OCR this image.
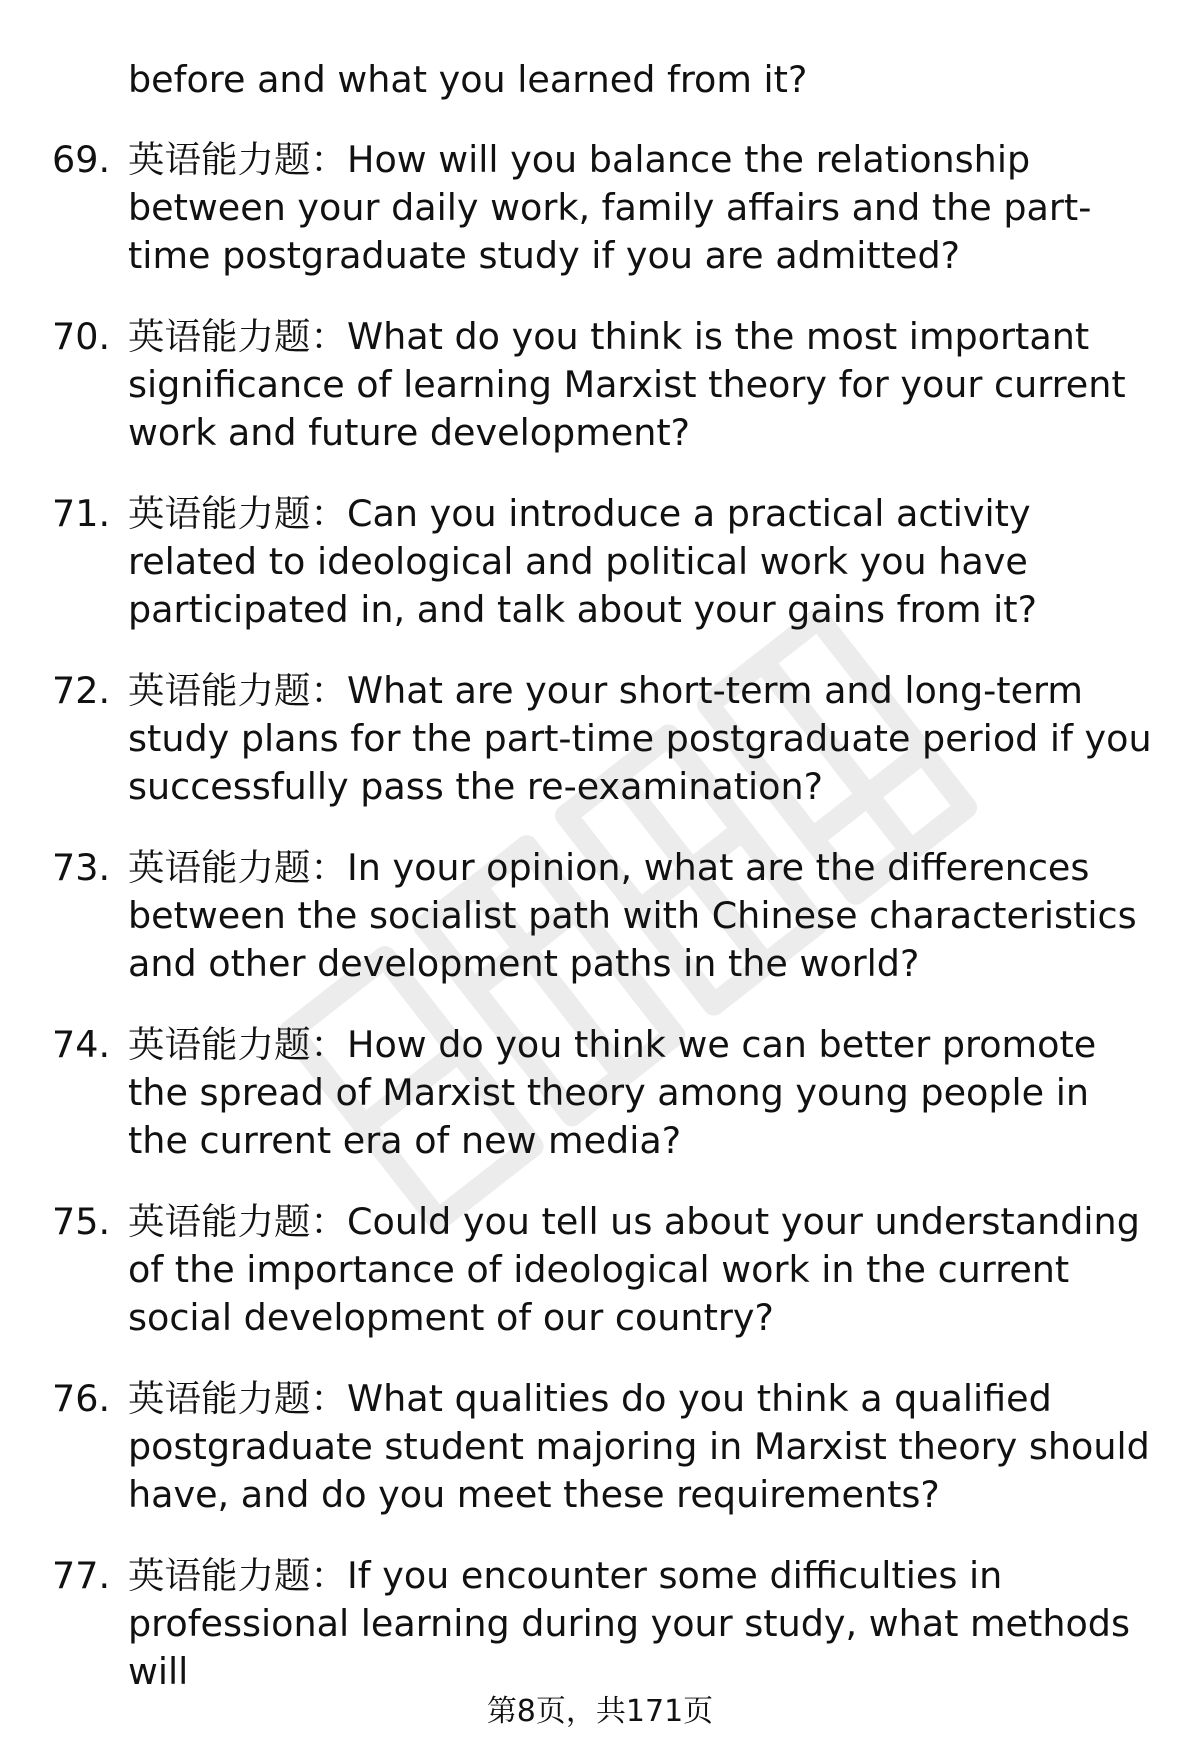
before and what you learned from it?
69. 英语能力题：How will you balance the relationship between your daily work, family affairs and the part-time postgraduate study if you are admitted?
70. 英语能力题：What do you think is the most important significance of learning Marxist theory for your current work and future development?
71. 英语能力题：Can you introduce a practical activity related to ideological and political work you have participated in, and talk about your gains from it?
72. 英语能力题：What are your short-term and long-term study plans for the part-time postgraduate period if you successfully pass the re-examination?
73. 英语能力题：In your opinion, what are the differences between the socialist path with Chinese characteristics and other development paths in the world?
74. 英语能力题：How do you think we can better promote the spread of Marxist theory among young people in the current era of new media?
75. 英语能力题：Could you tell us about your understanding of the importance of ideological work in the current social development of our country?
76. 英语能力题：What qualities do you think a qualified postgraduate student majoring in Marxist theory should have, and do you meet these requirements?
77. 英语能力题：If you encounter some difficulties in professional learning during your study, what methods will
第8页，共171页
